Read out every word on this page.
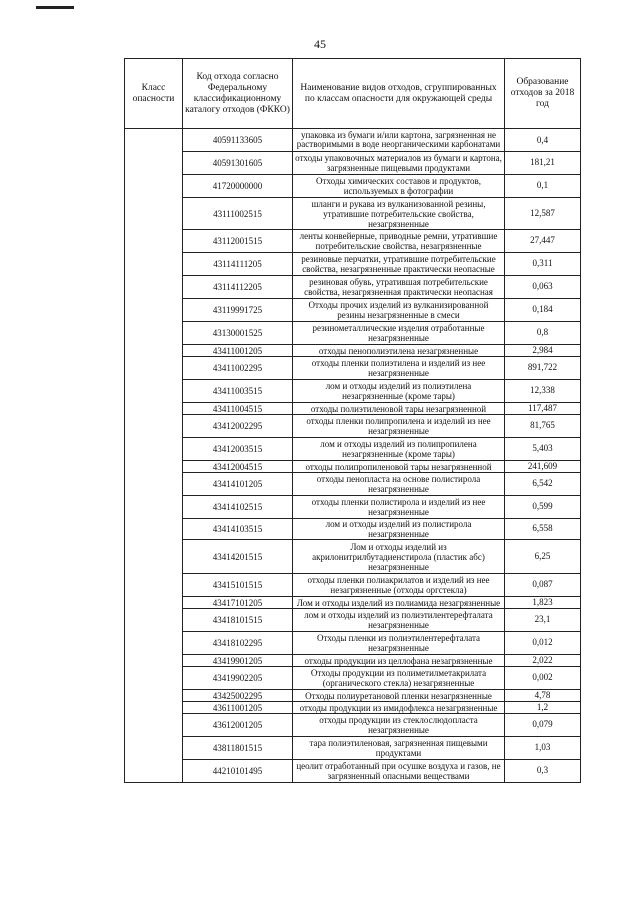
45
Класс опасности	Код отхода согласно Федеральному классификационному каталогу отходов (ФККО)	Наименование видов отходов, сгруппированных по классам опасности для окружающей среды	Образование отходов за 2018 год
	40591133605	упаковка из бумаги и/или картона, загрязненная не растворимыми в воде неорганическими карбонатами	0,4
	40591301605	отходы упаковочных материалов из бумаги и картона, загрязненные пищевыми продуктами	181,21
	41720000000	Отходы химических составов и продуктов, используемых в фотографии	0,1
	43111002515	шланги и рукава из вулканизованной резины, утратившие потребительские свойства, незагрязненные	12,587
	43112001515	ленты конвейерные, приводные ремни, утратившие потребительские свойства, незагрязненные	27,447
	43114111205	резиновые перчатки, утратившие потребительские свойства, незагрязненные практически неопасные	0,311
	43114112205	резиновая обувь, утратившая потребительские свойства, незагрязненная практически неопасная	0,063
	43119991725	Отходы прочих изделий из вулканизированной резины незагрязненные в смеси	0,184
	43130001525	резинометаллические изделия отработанные незагрязненные	0,8
	43411001205	отходы пенополиэтилена незагрязненные	2,984
	43411002295	отходы пленки полиэтилена и изделий из нее незагрязненные	891,722
	43411003515	лом и отходы изделий из полиэтилена незагрязненные (кроме тары)	12,338
	43411004515	отходы полиэтиленовой тары незагрязненной	117,487
	43412002295	отходы пленки полипропилена и изделий из нее незагрязненные	81,765
	43412003515	лом и отходы изделий из полипропилена незагрязненные (кроме тары)	5,403
	43412004515	отходы полипропиленовой тары незагрязненной	241,609
	43414101205	отходы пенопласта на основе полистирола незагрязненные	6,542
	43414102515	отходы пленки полистирола и изделий из нее незагрязненные	0,599
	43414103515	лом и отходы изделий из полистирола незагрязненные	6,558
	43414201515	Лом и отходы изделий из акрилонитрилбутадиенстирола (пластик абс) незагрязненные	6,25
	43415101515	отходы пленки полиакрилатов и изделий из нее незагрязненные (отходы оргстекла)	0,087
	43417101205	Лом и отходы изделий из полиамида незагрязненные	1,823
	43418101515	лом и отходы изделий из полиэтилентерефталата незагрязненные	23,1
	43418102295	Отходы пленки из полиэтилентерефталата незагрязненные	0,012
	43419901205	отходы продукции из целлофана незагрязненные	2,022
	43419902205	Отходы продукции из полиметилметакрилата (органического стекла) незагрязненные	0,002
	43425002295	Отходы полиуретановой пленки незагрязненные	4,78
	43611001205	отходы продукции из имидофлекса незагрязненные	1,2
	43612001205	отходы продукции из стеклослюдопласта незагрязненные	0,079
	43811801515	тара полиэтиленовая, загрязненная пищевыми продуктами	1,03
	44210101495	цеолит отработанный при осушке воздуха и газов, не загрязненный опасными веществами	0,3
